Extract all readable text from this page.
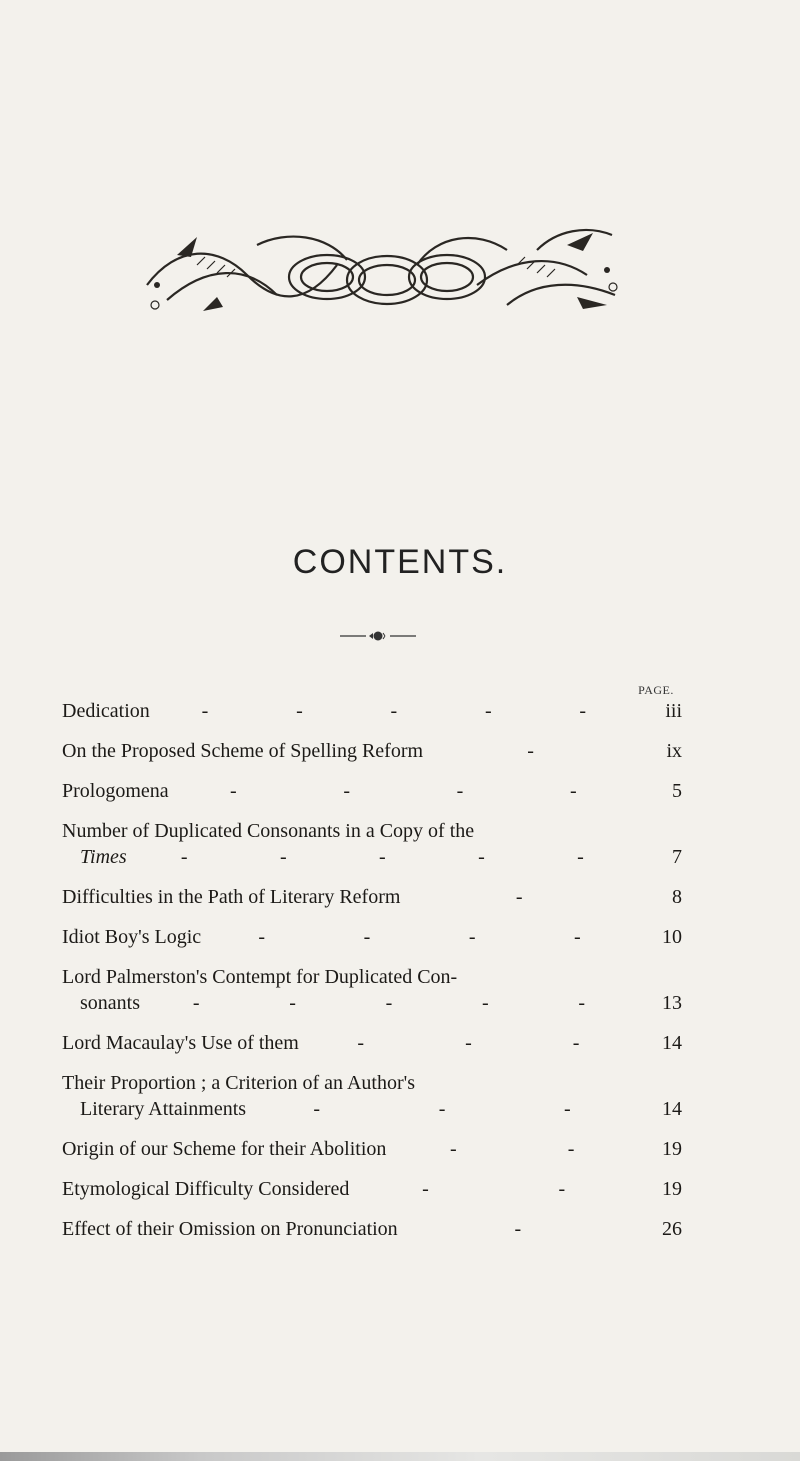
CONTENTS.
PAGE.
Dedication	-	-	-	-	-	iii
On the Proposed Scheme of Spelling Reform	-	ix
Prologomena	-	-	-	-	5
Number of Duplicated Consonants in a Copy of the
Times	-	-	-	-	-	7
Difficulties in the Path of Literary Reform	-	8
Idiot Boy's Logic	-	-	-	-	10
Lord Palmerston's Contempt for Duplicated Con-
sonants	-	-	-	-	-	13
Lord Macaulay's Use of them	-	-	-	14
Their Proportion ; a Criterion of an Author's
Literary Attainments	-	-	-	14
Origin of our Scheme for their Abolition	-	-	19
Etymological Difficulty Considered	-	-	19
Effect of their Omission on Pronunciation	-	26
